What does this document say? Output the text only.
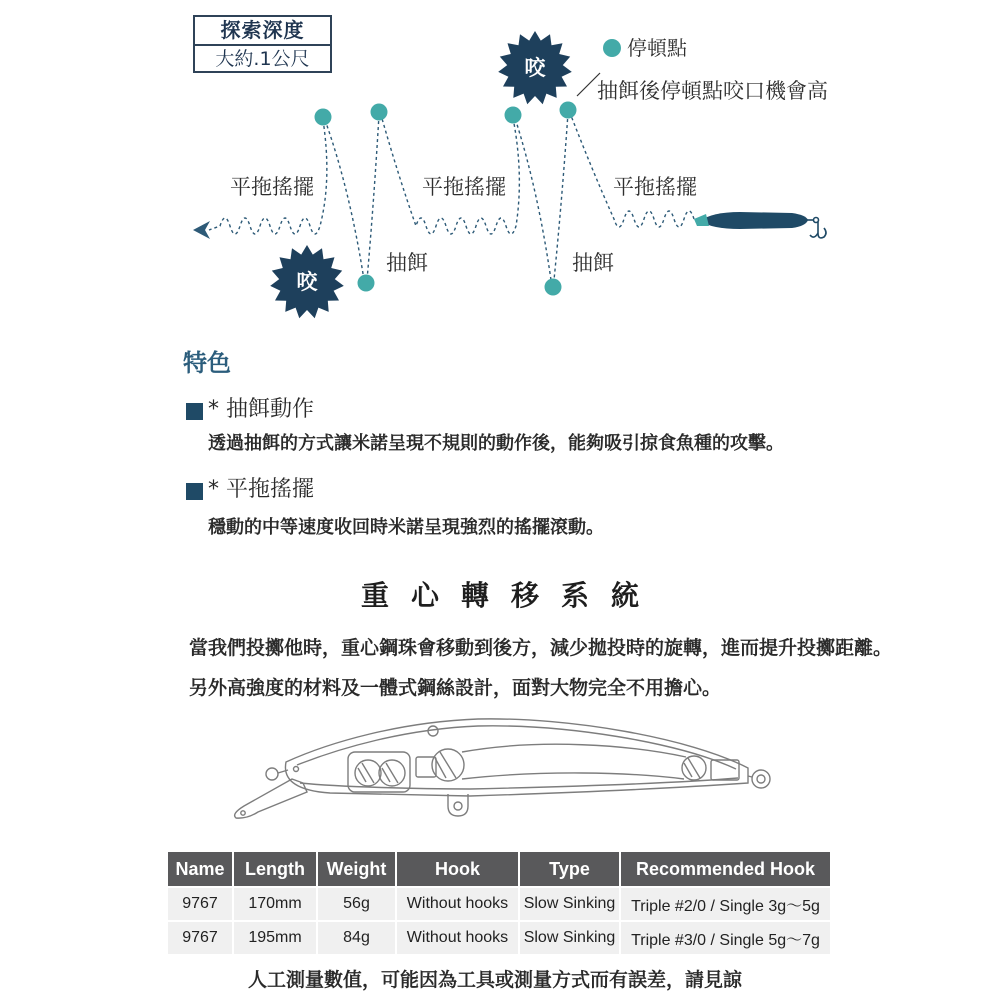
探索深度
大約.1公尺	咬
咬
停頓點
抽餌後停頓點咬口機會高
平拖搖擺	平拖搖擺	平拖搖擺
抽餌	抽餌
特色
* 抽餌動作
透過抽餌的方式讓米諾呈現不規則的動作後，能夠吸引掠食魚種的攻擊。
* 平拖搖擺
穩動的中等速度收回時米諾呈現強烈的搖擺滾動。
重心轉移系統
當我們投擲他時，重心鋼珠會移動到後方，減少拋投時的旋轉，進而提升投擲距離。
另外高強度的材料及一體式鋼絲設計，面對大物完全不用擔心。
Name	Length	Weight	Hook	Type	Recommended Hook
9767	170mm	56g	Without hooks	Slow Sinking	Triple #2/0 / Single 3g〜5g
9767	195mm	84g	Without hooks	Slow Sinking	Triple #3/0 / Single 5g〜7g
人工測量數值，可能因為工具或測量方式而有誤差，請見諒
